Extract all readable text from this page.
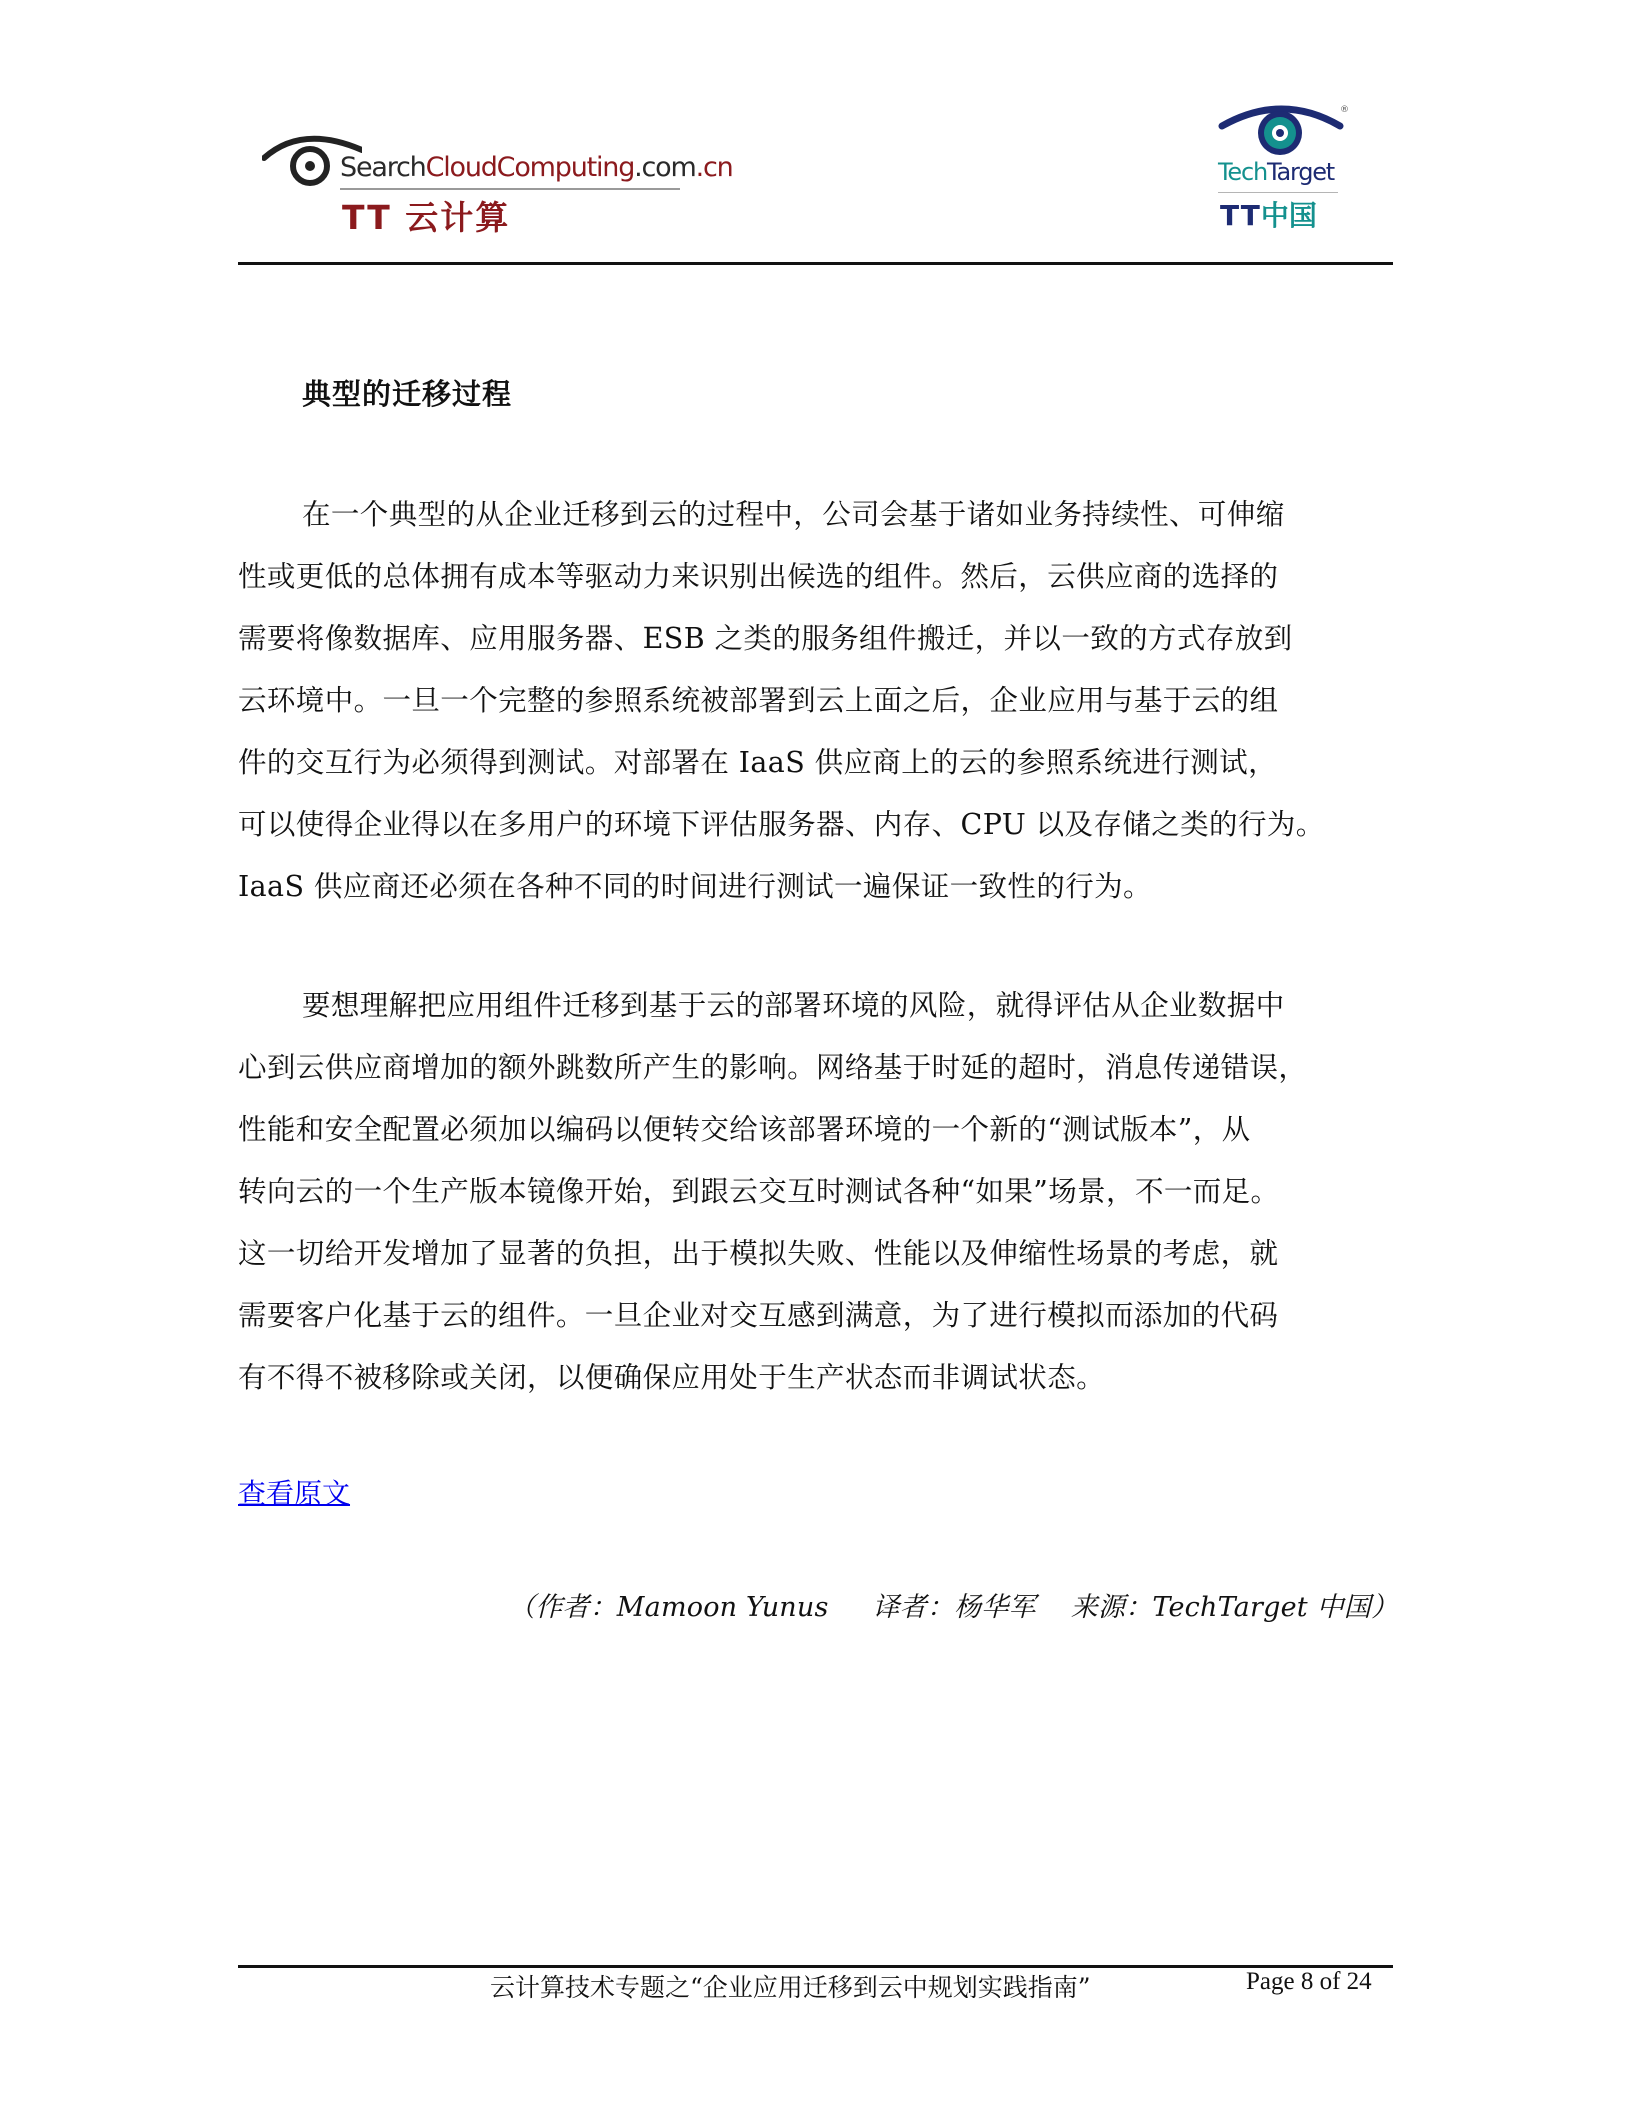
SearchCloudComputing.com.cn
TT 云计算
®
TechTarget
TT中国
典型的迁移过程
在一个典型的从企业迁移到云的过程中，公司会基于诸如业务持续性、可伸缩
性或更低的总体拥有成本等驱动力来识别出候选的组件。然后，云供应商的选择的
需要将像数据库、应用服务器、ESB 之类的服务组件搬迁，并以一致的方式存放到
云环境中。一旦一个完整的参照系统被部署到云上面之后，企业应用与基于云的组
件的交互行为必须得到测试。对部署在 IaaS 供应商上的云的参照系统进行测试，
可以使得企业得以在多用户的环境下评估服务器、内存、CPU 以及存储之类的行为。
IaaS 供应商还必须在各种不同的时间进行测试一遍保证一致性的行为。
要想理解把应用组件迁移到基于云的部署环境的风险，就得评估从企业数据中
心到云供应商增加的额外跳数所产生的影响。网络基于时延的超时，消息传递错误，
性能和安全配置必须加以编码以便转交给该部署环境的一个新的“测试版本”，从
转向云的一个生产版本镜像开始，到跟云交互时测试各种“如果”场景，不一而足。
这一切给开发增加了显著的负担，出于模拟失败、性能以及伸缩性场景的考虑，就
需要客户化基于云的组件。一旦企业对交互感到满意，为了进行模拟而添加的代码
有不得不被移除或关闭，以便确保应用处于生产状态而非调试状态。
查看原文
（作者：Mamoon Yunus     译者：杨华军    来源：TechTarget 中国）
云计算技术专题之“企业应用迁移到云中规划实践指南”	Page 8 of 24
